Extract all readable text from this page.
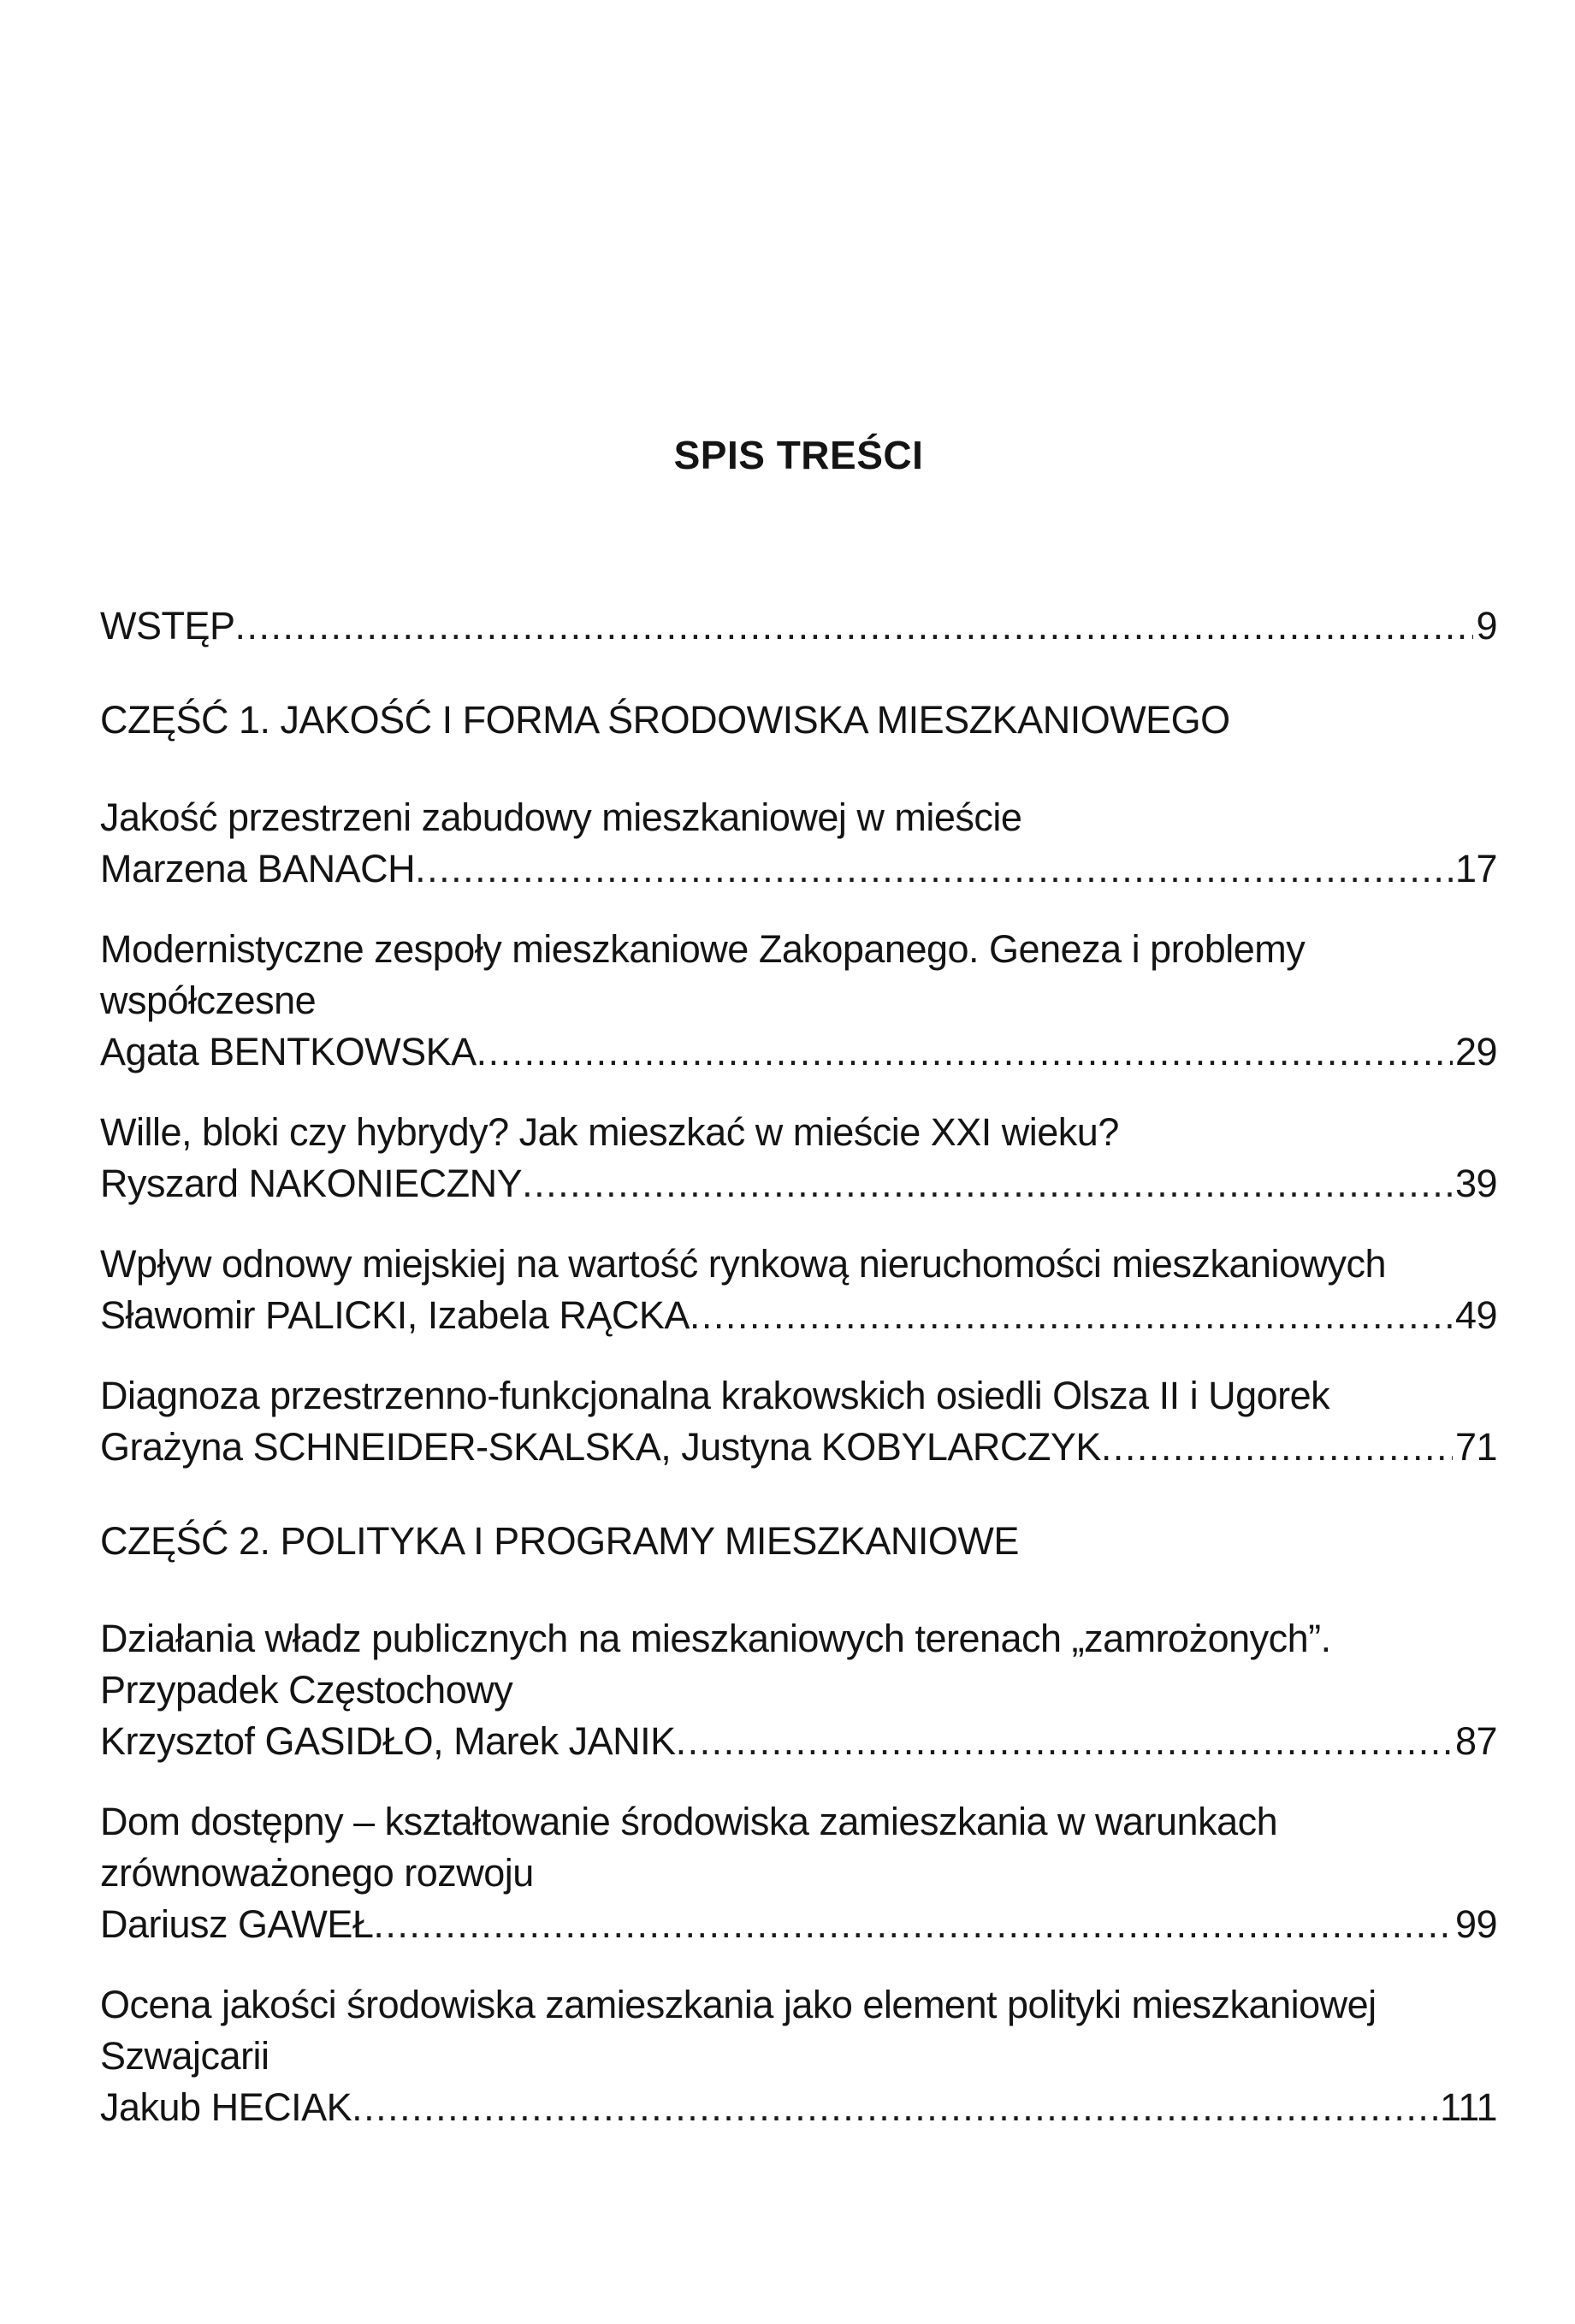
SPIS TREŚCI
WSTĘP .....	9
CZĘŚĆ 1. JAKOŚĆ I FORMA ŚRODOWISKA MIESZKANIOWEGO
Jakość przestrzeni zabudowy mieszkaniowej w mieście
Marzena BANACH .....	17
Modernistyczne zespoły mieszkaniowe Zakopanego. Geneza i problemy
współczesne
Agata BENTKOWSKA .....	29
Wille, bloki czy hybrydy? Jak mieszkać w mieście XXI wieku?
Ryszard NAKONIECZNY .....	39
Wpływ odnowy miejskiej na wartość rynkową nieruchomości mieszkaniowych
Sławomir PALICKI, Izabela RĄCKA .....	49
Diagnoza przestrzenno-funkcjonalna krakowskich osiedli Olsza II i Ugorek
Grażyna SCHNEIDER-SKALSKA, Justyna KOBYLARCZYK .....	71
CZĘŚĆ 2. POLITYKA I PROGRAMY MIESZKANIOWE
Działania władz publicznych na mieszkaniowych terenach „zamrożonych”.
Przypadek Częstochowy
Krzysztof GASIDŁO, Marek JANIK .....	87
Dom dostępny – kształtowanie środowiska zamieszkania w warunkach
zrównoważonego rozwoju
Dariusz GAWEŁ .....	99
Ocena jakości środowiska zamieszkania jako element polityki mieszkaniowej
Szwajcarii
Jakub HECIAK .....	111
